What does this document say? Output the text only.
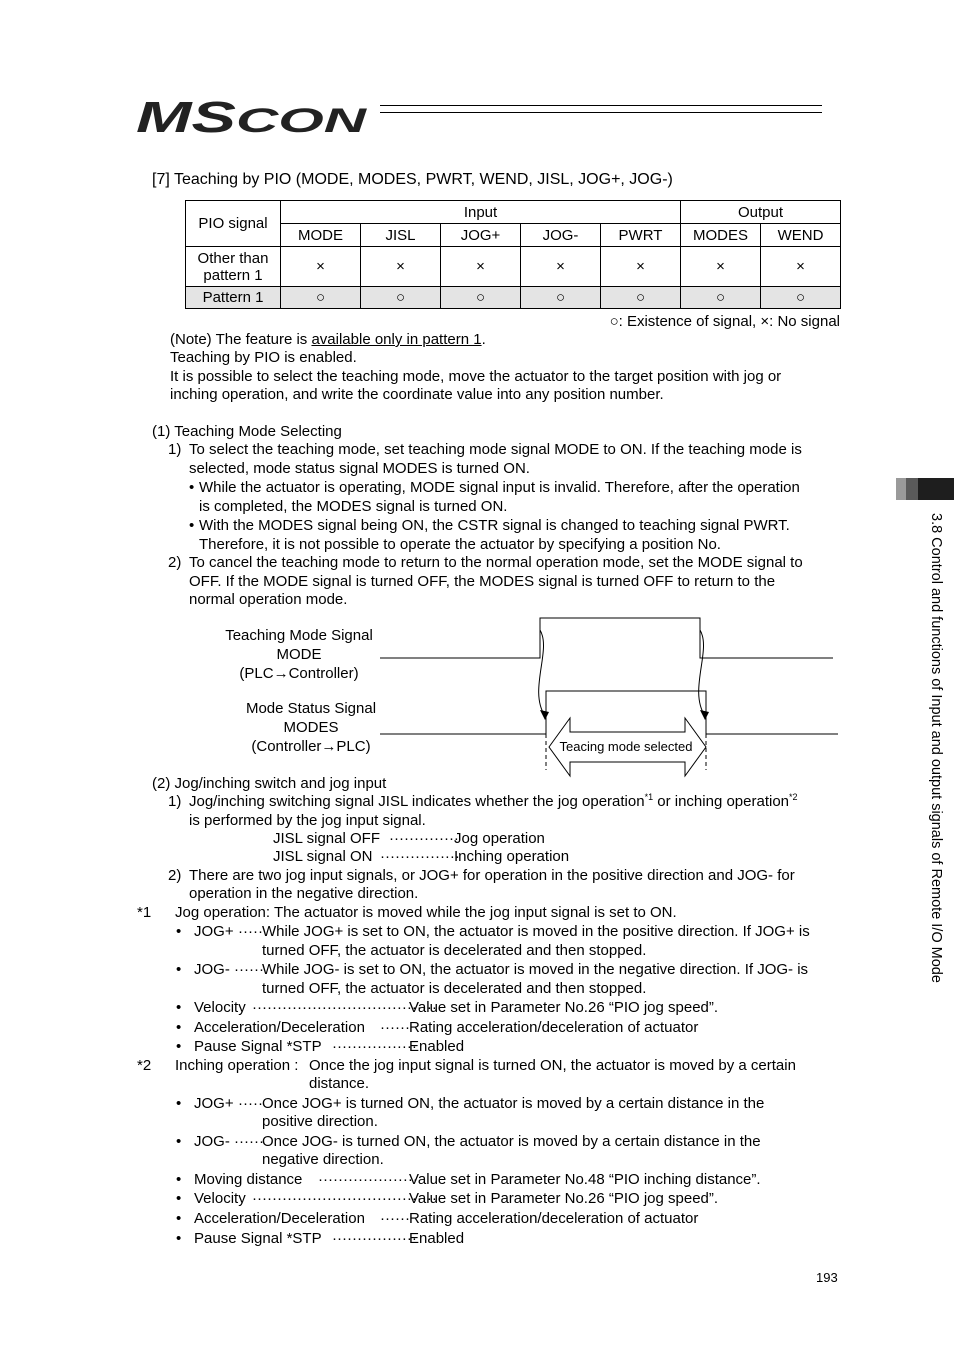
MS CON
[7] Teaching by PIO (MODE, MODES, PWRT, WEND, JISL, JOG+, JOG-)
PIO signal	Input					Output	
	MODE	JISL	JOG+	JOG-	PWRT	MODES	WEND
Other than
pattern 1	×	×	×	×	×	×	×
Pattern 1	○	○	○	○	○	○	○
○: Existence of signal, ×: No signal
(Note) The feature is available only in pattern 1.
Teaching by PIO is enabled.
It is possible to select the teaching mode, move the actuator to the target position with jog or
inching operation, and write the coordinate value into any position number.
(1) Teaching Mode Selecting
1) To select the teaching mode, set teaching mode signal MODE to ON. If the teaching mode is
selected, mode status signal MODES is turned ON.
• While the actuator is operating, MODE signal input is invalid. Therefore, after the operation
is completed, the MODES signal is turned ON.
• With the MODES signal being ON, the CSTR signal is changed to teaching signal PWRT.
Therefore, it is not possible to operate the actuator by specifying a position No.
2) To cancel the teaching mode to return to the normal operation mode, set the MODE signal to
OFF. If the MODE signal is turned OFF, the MODES signal is turned OFF to return to the
normal operation mode.
Teaching Mode Signal
MODE
(PLC→Controller)
Mode Status Signal
MODES
(Controller→PLC)	Teacing mode selected
(2) Jog/inching switch and jog input
1) Jog/inching switching signal JISL indicates whether the jog operation$^{*1}$ or inching operation$^{*2}$
is performed by the jog input signal.
JISL signal OFF ··············
Jog operation
JISL signal ON ················
Inching operation
2) There are two jog input signals, or JOG+ for operation in the positive direction and JOG- for
operation in the negative direction.
*1 Jog operation: The actuator is moved while the jog input signal is set to ON.
• JOG+ ····· While JOG+ is set to ON, the actuator is moved in the positive direction. If JOG+ is
turned OFF, the actuator is decelerated and then stopped.
• JOG- ······
While JOG- is set to ON, the actuator is moved in the negative direction. If JOG- is
turned OFF, the actuator is decelerated and then stopped.
• Velocity ······································
Value set in Parameter No.26 “PIO jog speed”.
• Acceleration/Deceleration ······ Rating acceleration/deceleration of actuator
• Pause Signal *STP ·················
Enabled
*2 Inching operation : Once the jog input signal is turned ON, the actuator is moved by a certain
distance.
• JOG+ ····· Once JOG+ is turned ON, the actuator is moved by a certain distance in the
positive direction.
• JOG- ······
Once JOG- is turned ON, the actuator is moved by a certain distance in the
negative direction.
• Moving distance ····················
Value set in Parameter No.48 “PIO inching distance”.
• Velocity ······································
Value set in Parameter No.26 “PIO jog speed”.
• Acceleration/Deceleration ······ Rating acceleration/deceleration of actuator
• Pause Signal *STP ·················
Enabled
3.8 Control and functions of Input and output signals of Remote I/O Mode
193
